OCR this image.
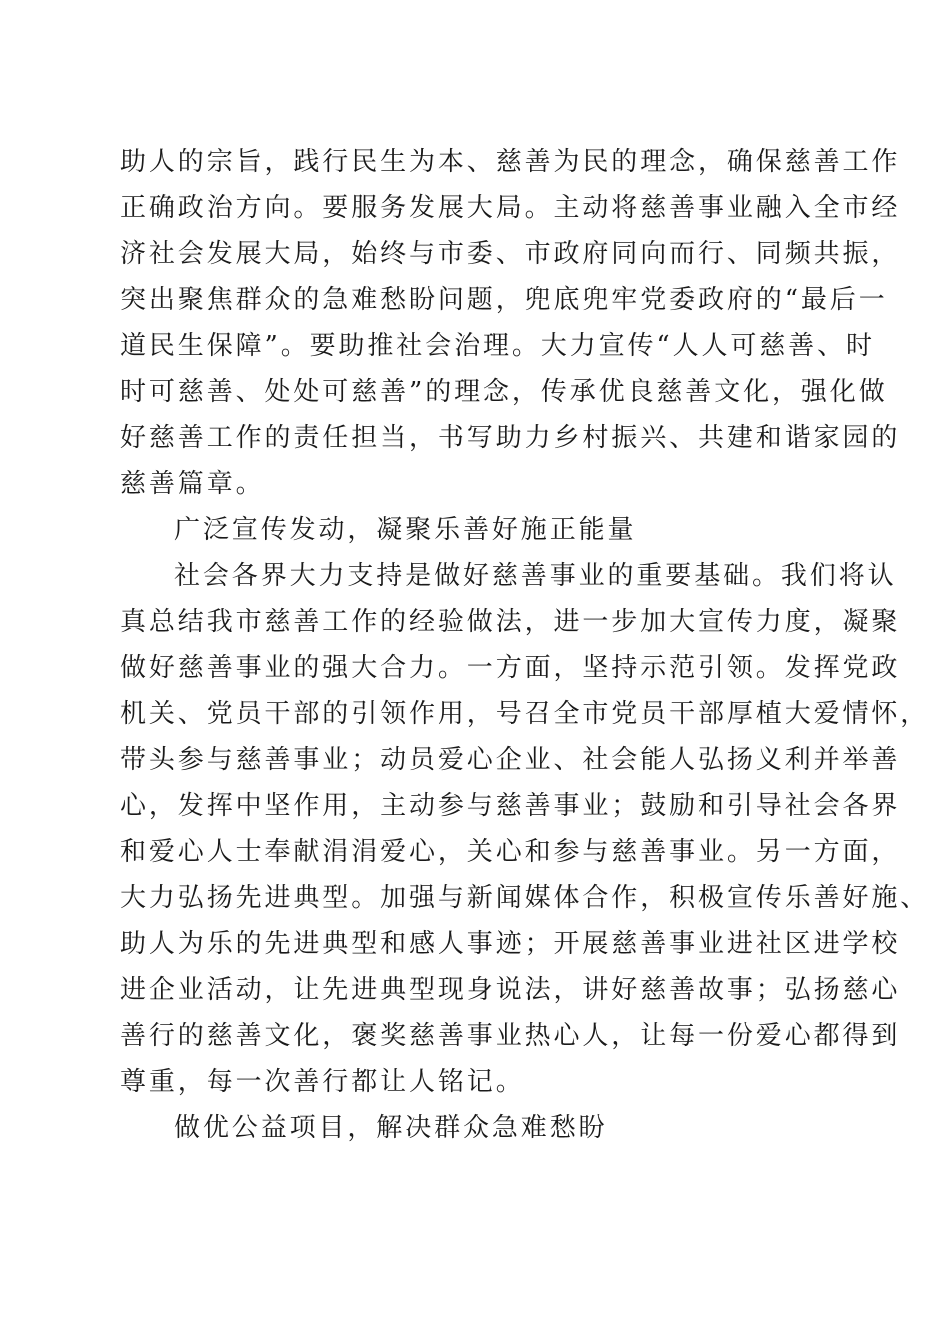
助人的宗旨，践行民生为本、慈善为民的理念，确保慈善工作
正确政治方向。要服务发展大局。主动将慈善事业融入全市经
济社会发展大局，始终与市委、市政府同向而行、同频共振，
突出聚焦群众的急难愁盼问题，兜底兜牢党委政府的“最后一
道民生保障”。要助推社会治理。大力宣传“人人可慈善、时
时可慈善、处处可慈善”的理念，传承优良慈善文化，强化做
好慈善工作的责任担当，书写助力乡村振兴、共建和谐家园的
慈善篇章。
广泛宣传发动，凝聚乐善好施正能量
社会各界大力支持是做好慈善事业的重要基础。我们将认
真总结我市慈善工作的经验做法，进一步加大宣传力度，凝聚
做好慈善事业的强大合力。一方面，坚持示范引领。发挥党政
机关、党员干部的引领作用，号召全市党员干部厚植大爱情怀，
带头参与慈善事业；动员爱心企业、社会能人弘扬义利并举善
心，发挥中坚作用，主动参与慈善事业；鼓励和引导社会各界
和爱心人士奉献涓涓爱心，关心和参与慈善事业。另一方面，
大力弘扬先进典型。加强与新闻媒体合作，积极宣传乐善好施、
助人为乐的先进典型和感人事迹；开展慈善事业进社区进学校
进企业活动，让先进典型现身说法，讲好慈善故事；弘扬慈心
善行的慈善文化，褒奖慈善事业热心人，让每一份爱心都得到
尊重，每一次善行都让人铭记。
做优公益项目，解决群众急难愁盼
